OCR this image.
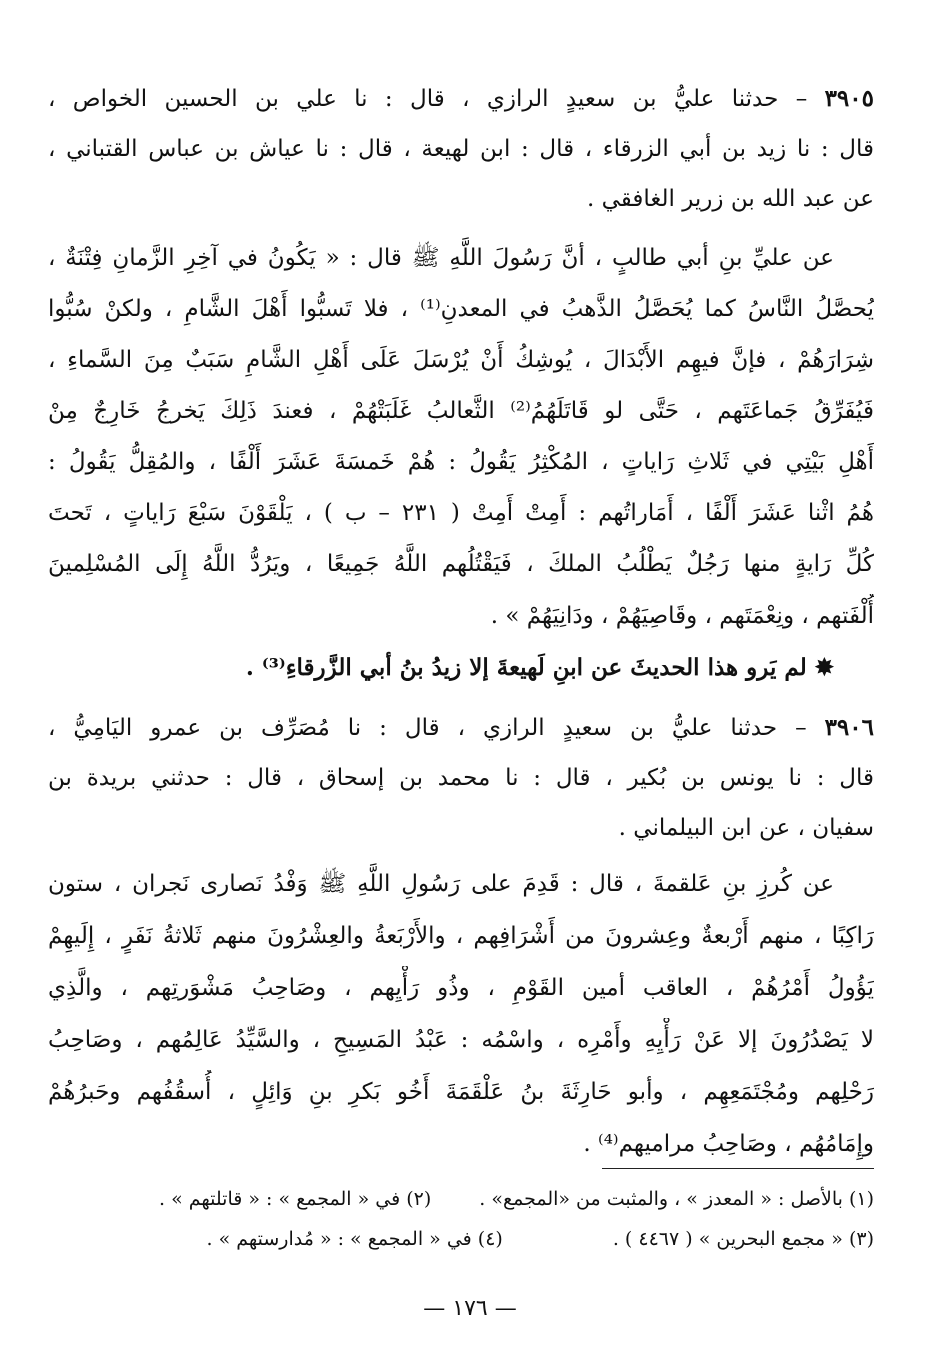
٣٩٠٥ – حدثنا عليُّ بن سعيدٍ الرازي ، قال : نا علي بن الحسين الخواص ،
قال : نا زيد بن أبي الزرقاء ، قال : ابن لهيعة ، قال : نا عياش بن عباس القتباني ،
عن عبد الله بن زرير الغافقي .
عن عليِّ بنِ أبي طالبٍ ، أنَّ رَسُولَ اللَّهِ ﷺ قال : « يَكُونُ في آخِرِ الزَّمانِ فِتْنَةٌ ،
يُحصَّلُ النَّاسُ كما يُحَصَّلُ الذَّهبُ في المعدنِ⁽¹⁾ ، فلا تَسبُّوا أَهْلَ الشَّامِ ، ولكنْ سُبُّوا
شِرَارَهُمْ ، فإنَّ فيهِم الأَبْدَالَ ، يُوشِكُ أَنْ يُرْسَلَ عَلَى أَهْلِ الشَّامِ سَبَبٌ مِنَ السَّماءِ ،
فَيُفَرِّقُ جَماعَتَهم ، حَتَّى لو قَاتَلَهُمُ⁽²⁾ الثَّعالبُ غَلَبَتْهُمْ ، فعندَ ذَلِكَ يَخرجُ خَارِجٌ مِنْ
أَهْلِ بَيْتِي في ثَلاثِ رَاياتٍ ، المُكْثِرُ يَقُولُ : هُمْ خَمسَةَ عَشَرَ أَلْفًا ، والمُقِلُّ يَقُولُ :
هُمُ اثْنا عَشَرَ أَلْفًا ، أَمَاراتُهم : أَمِتْ أَمِتْ ( ٢٣١ – ب ) ، يَلْقَوْنَ سَبْعَ رَاياتٍ ، تَحتَ
كُلِّ رَايةٍ منها رَجُلٌ يَطْلُبُ الملكَ ، فَيَقْتُلُهم اللَّهُ جَمِيعًا ، ويَرُدُّ اللَّهُ إِلَى المُسْلِمينَ
أُلْفَتهم ، ونِعْمَتَهم ، وقَاصِيَهُمْ ، ودَانِيَهُمْ » .
✸ لم يَرو هذا الحديثَ عن ابنِ لَهيعةَ إلا زيدُ بنُ أبي الزَّرقاءِ⁽³⁾ .
٣٩٠٦ – حدثنا عليُّ بن سعيدٍ الرازي ، قال : نا مُصَرِّف بن عمرو اليَامِيُّ ،
قال : نا يونس بن بُكير ، قال : نا محمد بن إسحاق ، قال : حدثني بريدة بن
سفيان ، عن ابن البيلماني .
عن كُرزِ بنِ عَلقمةَ ، قال : قَدِمَ على رَسُولِ اللَّهِ ﷺ وَفْدُ نَصارى نَجران ، ستون
رَاكِبًا ، منهم أَرْبعةٌ وعِشرونَ من أَشْرَافِهم ، والأَرْبَعةُ والعِشْرُونَ منهم ثَلاثةُ نَفَرٍ ، إِلَيهِمْ
يَؤُولُ أَمْرُهُمْ ، العاقب أمين القَوْمِ ، وذُو رَأْيِهم ، وصَاحِبُ مَشْوَرتِهم ، والَّذِي
لا يَصْدُرُونَ إلا عَنْ رَأْيِهِ وأَمْرِه ، واسْمُه : عَبْدُ المَسِيحِ ، والسَّيِّدُ عَالِمُهم ، وصَاحِبُ
رَحْلِهم ومُجْتَمَعِهِم ، وأبو حَارِثَةَ بنُ عَلْقَمَةَ أَخُو بَكرِ بنِ وَائِلٍ ، أُسقُفُهم وحَبرُهُمْ
وإِمَامُهُم ، وصَاحِبُ مراميهم⁽⁴⁾ .
(١) بالأصل : « المعدز » ، والمثبت من «المجمع» .(٢) في « المجمع » : « قاتلتهم » .
(٣) « مجمع البحرين » ( ٤٤٦٧ ) .(٤) في « المجمع » : « مُدارستهم » .
— ١٧٦ —
